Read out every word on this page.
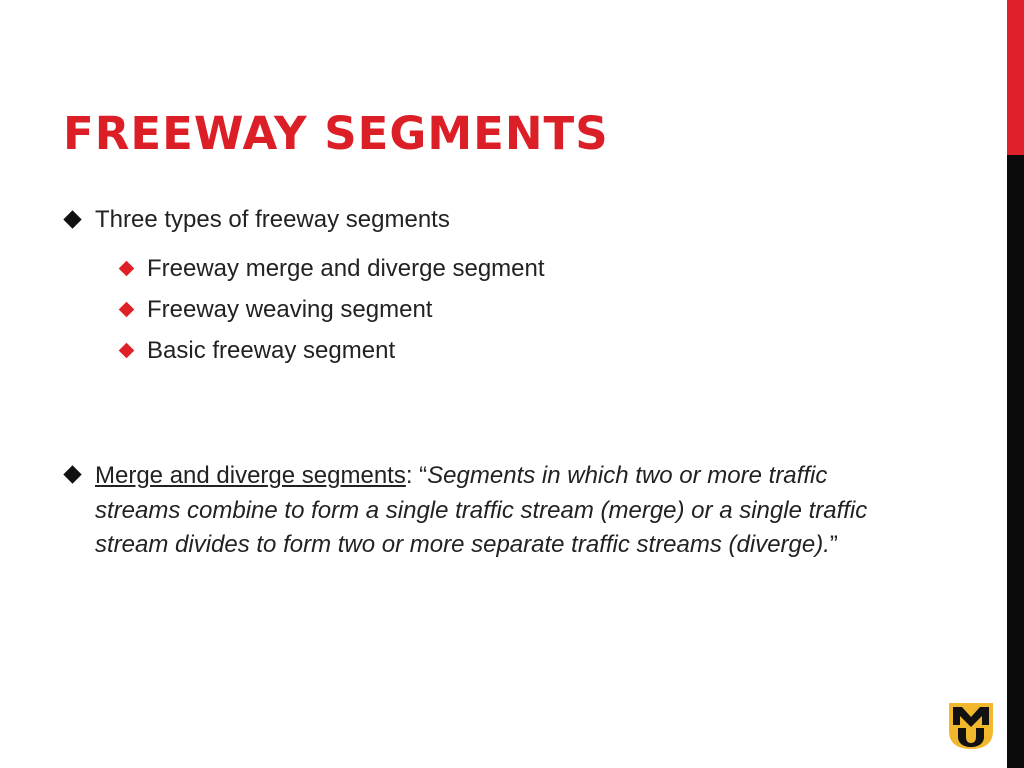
FREEWAY SEGMENTS
Three types of freeway segments
Freeway merge and diverge segment
Freeway weaving segment
Basic freeway segment
Merge and diverge segments: “Segments in which two or more traffic streams combine to form a single traffic stream (merge) or a single traffic stream divides to form two or more separate traffic streams (diverge).”
